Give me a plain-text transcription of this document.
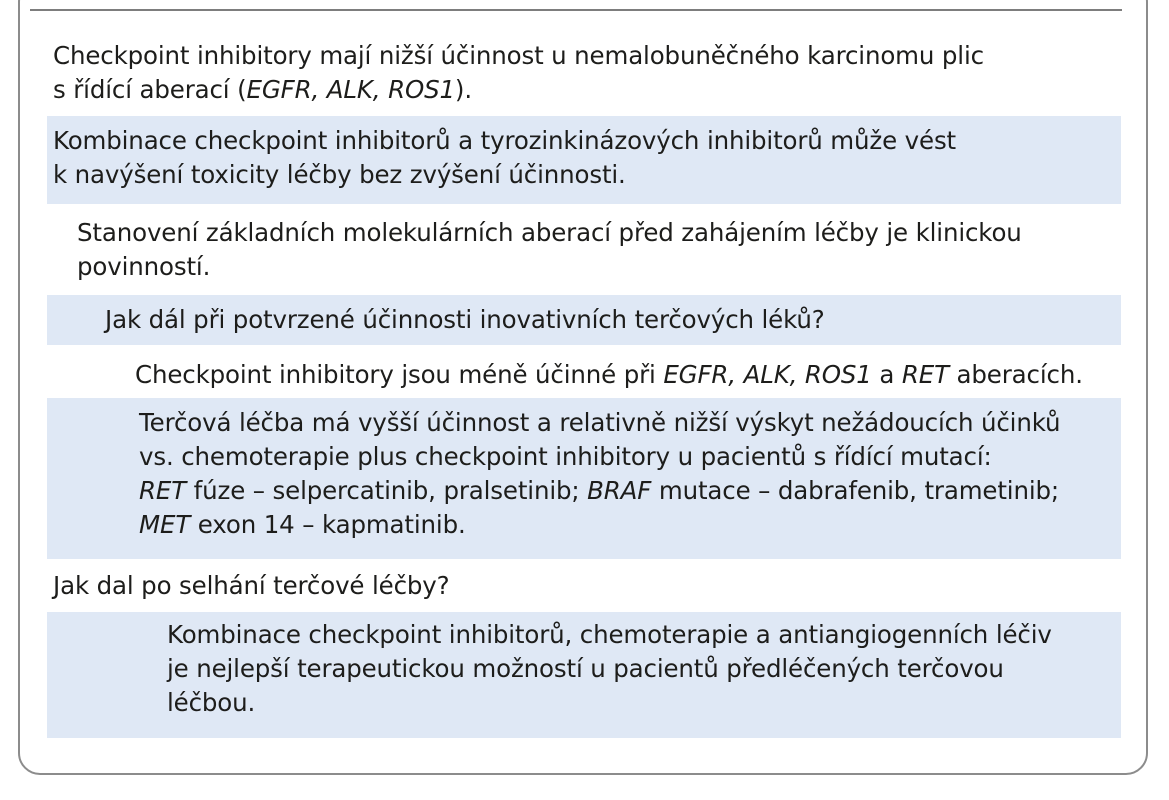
Checkpoint inhibitory mají nižší účinnost u nemalobuněčného karcinomu plic
s řídící aberací (EGFR, ALK, ROS1).
Kombinace checkpoint inhibitorů a tyrozinkinázových inhibitorů může vést
k navýšení toxicity léčby bez zvýšení účinnosti.
Stanovení základních molekulárních aberací před zahájením léčby je klinickou
povinností.
Jak dál při potvrzené účinnosti inovativních terčových léků?
Checkpoint inhibitory jsou méně účinné při EGFR, ALK, ROS1 a RET aberacích.
Terčová léčba má vyšší účinnost a relativně nižší výskyt nežádoucích účinků
vs. chemoterapie plus checkpoint inhibitory u pacientů s řídící mutací:
RET fúze – selpercatinib, pralsetinib; BRAF mutace – dabrafenib, trametinib;
MET exon 14 – kapmatinib.
Jak dal po selhání terčové léčby?
Kombinace checkpoint inhibitorů, chemoterapie a antiangiogenních léčiv
je nejlepší terapeutickou možností u pacientů předléčených terčovou
léčbou.
